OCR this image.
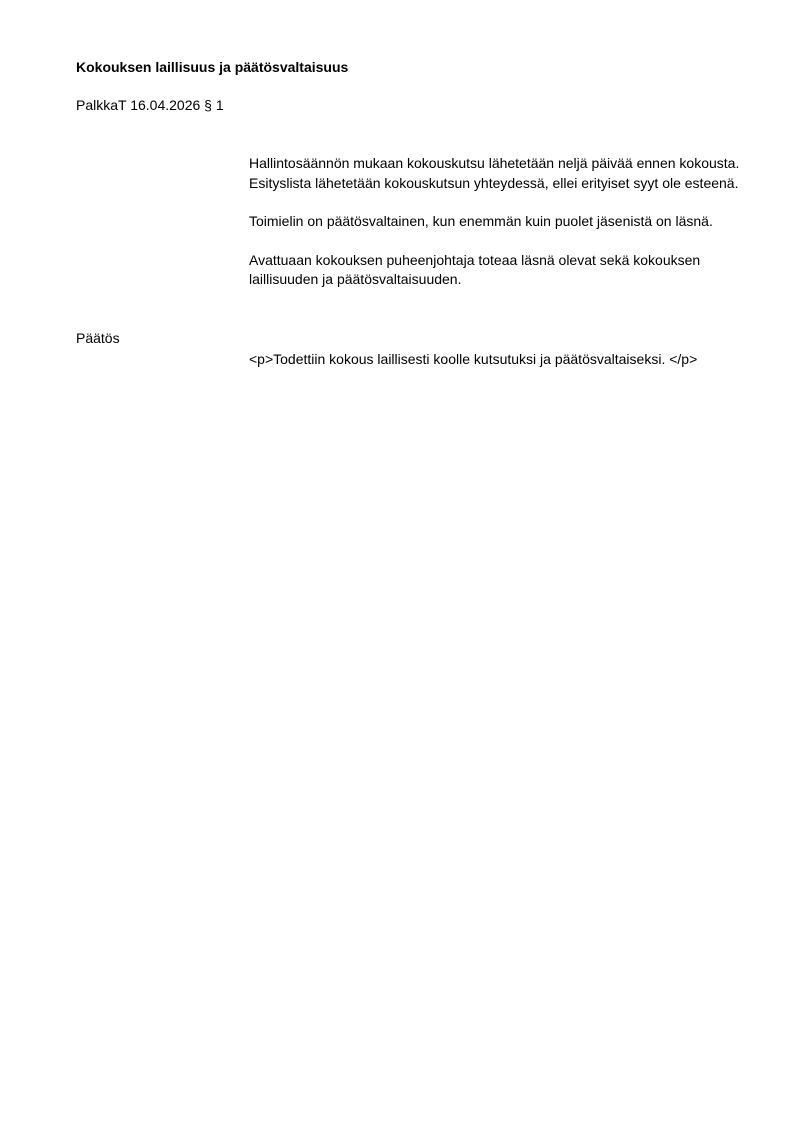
Kokouksen laillisuus ja päätösvaltaisuus
PalkkaT 16.04.2026 § 1

Hallintosäännön mukaan kokouskutsu lähetetään neljä päivää ennen kokousta. Esityslista lähetetään kokouskutsun yhteydessä, ellei erityiset syyt ole esteenä.

Toimielin on päätösvaltainen, kun enemmän kuin puolet jäsenistä on läsnä.

Avattuaan kokouksen puheenjohtaja toteaa läsnä olevat sekä kokouksen laillisuuden ja päätösvaltaisuuden.

Päätös
<p>Todettiin kokous laillisesti koolle kutsutuksi ja päätösvaltaiseksi. </p>
